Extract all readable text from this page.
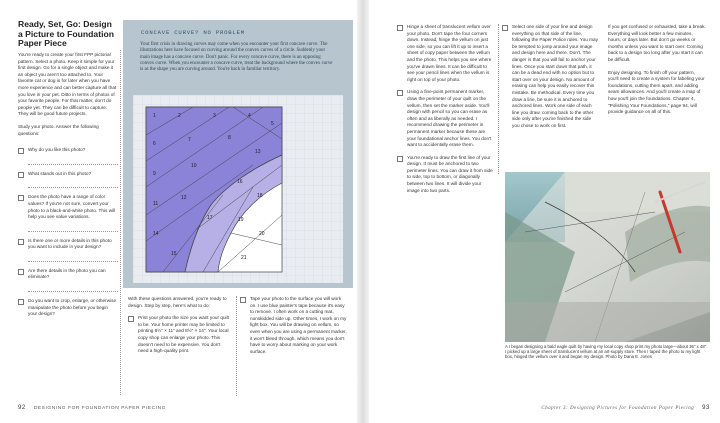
Ready, Set, Go: Design a Picture to Foundation Paper Piece

You're ready to create your first FPP pictorial pattern. Select a photo. Keep it simple for your first design. Go for a single object and make it an object you aren't too attached to. Your favorite cat or dog is for later when you have more experience and can better capture all that you love in your pet. Ditto in terms of photos of your favorite people. For that matter, don't do people yet. They can be difficult to capture. They will be good future projects.

Study your photo. Answer the following questions:

Why do you like this photo?
What stands out in this photo?
Does the photo have a range of color values? If you're not sure, convert your photo to a black-and-white photo. This will help you see value variations.
Is there one or more details in this photo you want to include in your design?
Are there details in the photo you can eliminate?
Do you want to crop, enlarge, or otherwise manipulate the photo before you begin your design?
CONCAVE CURVE? NO PROBLEM
Your first crisis in drawing curves may come when you encounter your first concave curve. The illustrations here have focused on curving around the convex curves of a circle. Suddenly your main image has a concave curve. Don't panic. For every concave curve, there is an opposing convex curve. When you encounter a concave curve, treat the background where the convex curve is as the shape you are curving around. You're back in familiar territory.
1	2	3	4
5
6
7	8
9
10
11
12
13
14
15
16
17
18
19
20
21

With these questions answered, you're ready to design. Step by step, here's what to do:

Print your photo the size you want your quilt to be. Your home printer may be limited to printing 8½" × 11" and 8½" × 14". Your local copy shop can enlarge your photo. This doesn't need to be expensive. You don't need a high-quality print.
Tape your photo to the surface you will work on. I use blue painter's tape because it's easy to remove. I often work on a cutting mat, nonskidded side up. Other times, I work on my light box. You will be drawing on vellum, so even when you are using a permanent marker, it won't bleed through, which means you don't have to worry about marking on your work surface.
92 DESIGNING FOR FOUNDATION PAPER PIECING
Hinge a sheet of translucent vellum over your photo. Don't tape the four corners down. Instead, hinge the vellum on just one side, so you can lift it up to insert a sheet of copy paper between the vellum and the photo. This helps you see where you've drawn lines. It can be difficult to see your pencil lines when the vellum is right on top of your photo.
Using a fine-point permanent marker, draw the perimeter of your quilt on the vellum, then set the marker aside. You'll design with pencil so you can erase as often and as liberally as needed. I recommend drawing the perimeter in permanent marker because these are your foundational anchor lines. You don't want to accidentally erase them.
You're ready to draw the first line of your design. It must be anchored to two perimeter lines. You can draw it from side to side, top to bottom, or diagonally between two lines. It will divide your image into two parts.
Select one side of your line and design everything on that side of the line, following the Paper Police rules. You may be tempted to jump around your image and design here and there. Don't. The danger is that you will fail to anchor your lines. Once you start down that path, it can be a dead end with no option but to start over on your design. No amount of erasing can help you easily recover this mistake. Be methodical. Every time you draw a line, be sure it is anchored to anchored lines. Work one side of each line you draw, coming back to the other side only after you've finished the side you chose to work on first.

If you get confused or exhausted, take a break. Everything will look better a few minutes, hours, or days later. But don't go weeks or months unless you want to start over. Coming back to a design too long after you start it can be difficult.

Enjoy designing. To finish off your pattern, you'll need to create a system for labeling your foundations, cutting them apart, and adding seam allowances. And you'll create a map of how you'll join the foundations. Chapter 4, "Polishing Your Foundations," page 94, will provide guidance on all of this.

A I began designing a bald eagle quilt by having my local copy shop print my photo large—about 36" x 48". I picked up a large sheet of translucent vellum at an art-supply store. Then I taped the photo to my light box, hinged the vellum over it and began my design. Photo by Dana E. Jones
Chapter 3: Designing Pictures for Foundation Paper Piecing 93
